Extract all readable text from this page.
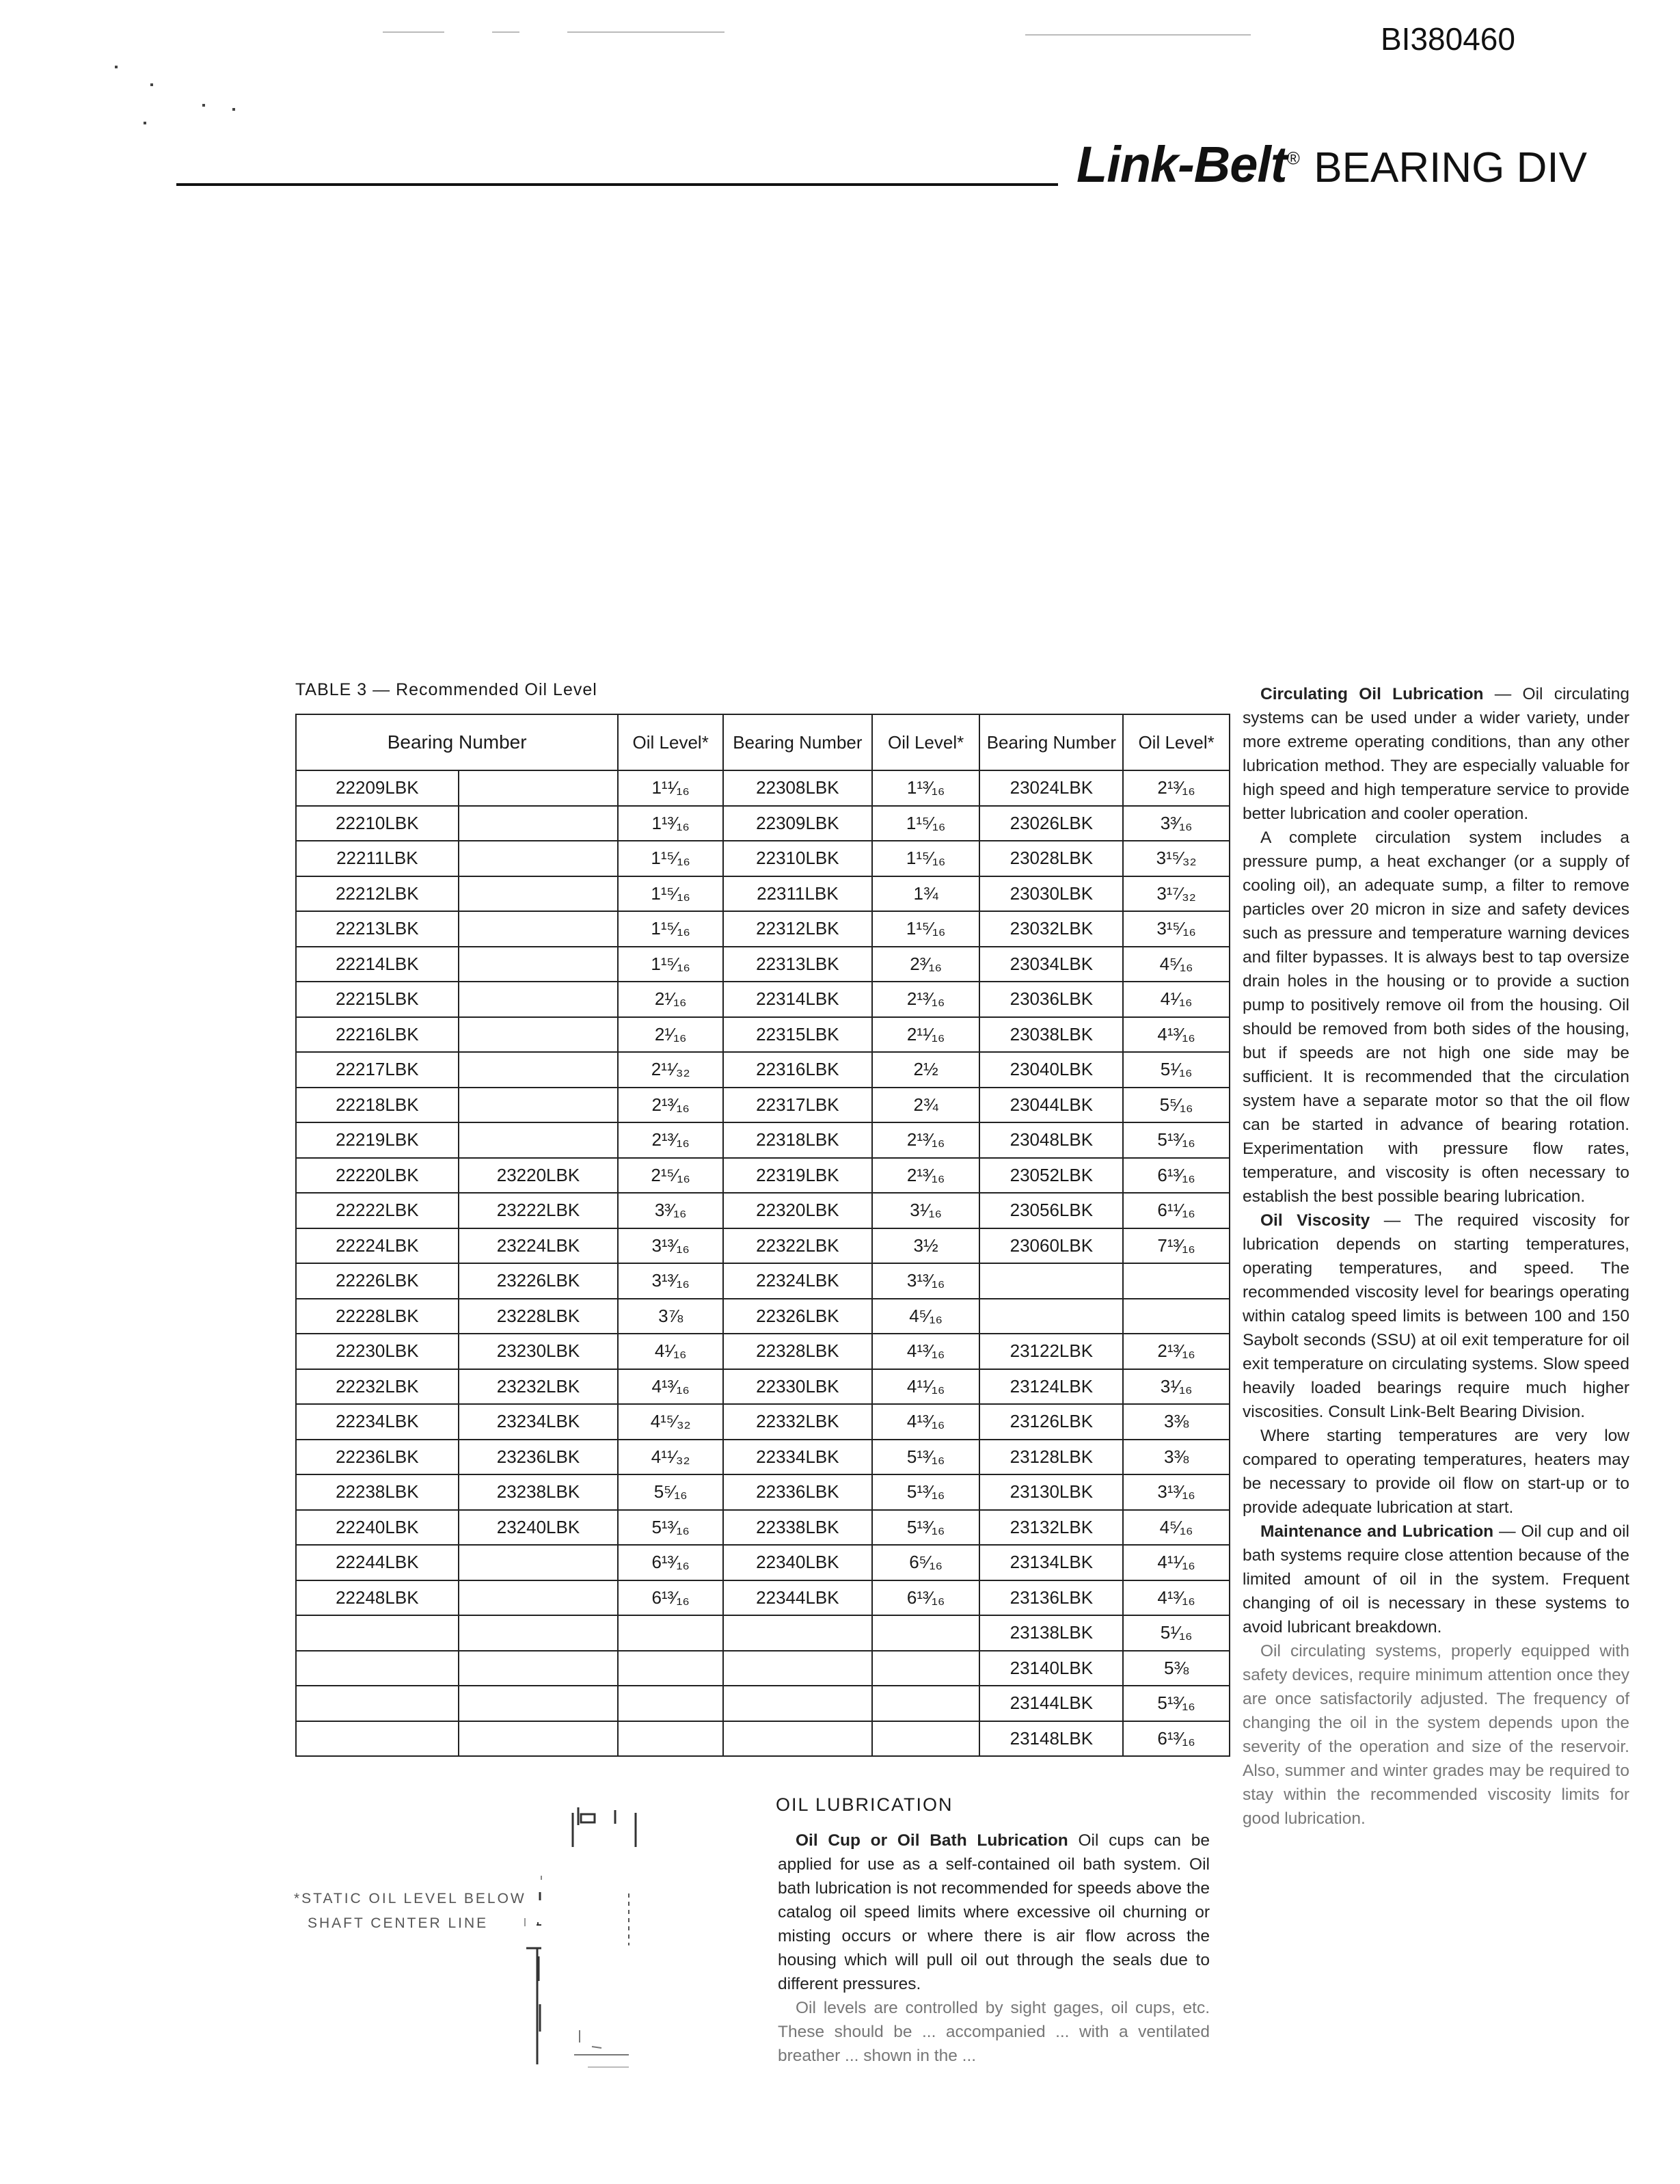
BI380460
Link-Belt® BEARING DIV
TABLE 3 — Recommended Oil Level
Bearing Number		Oil Level*	Bearing Number	Oil Level*	Bearing Number	Oil Level*
22209LBK		1¹¹⁄₁₆	22308LBK	1¹³⁄₁₆	23024LBK	2¹³⁄₁₆
22210LBK		1¹³⁄₁₆	22309LBK	1¹⁵⁄₁₆	23026LBK	3³⁄₁₆
22211LBK		1¹⁵⁄₁₆	22310LBK	1¹⁵⁄₁₆	23028LBK	3¹⁵⁄₃₂
22212LBK		1¹⁵⁄₁₆	22311LBK	1¾	23030LBK	3¹⁷⁄₃₂
22213LBK		1¹⁵⁄₁₆	22312LBK	1¹⁵⁄₁₆	23032LBK	3¹⁵⁄₁₆
22214LBK		1¹⁵⁄₁₆	22313LBK	2³⁄₁₆	23034LBK	4⁵⁄₁₆
22215LBK		2¹⁄₁₆	22314LBK	2¹³⁄₁₆	23036LBK	4¹⁄₁₆
22216LBK		2¹⁄₁₆	22315LBK	2¹¹⁄₁₆	23038LBK	4¹³⁄₁₆
22217LBK		2¹¹⁄₃₂	22316LBK	2½	23040LBK	5¹⁄₁₆
22218LBK		2¹³⁄₁₆	22317LBK	2¾	23044LBK	5⁵⁄₁₆
22219LBK		2¹³⁄₁₆	22318LBK	2¹³⁄₁₆	23048LBK	5¹³⁄₁₆
22220LBK	23220LBK	2¹⁵⁄₁₆	22319LBK	2¹³⁄₁₆	23052LBK	6¹³⁄₁₆
22222LBK	23222LBK	3³⁄₁₆	22320LBK	3¹⁄₁₆	23056LBK	6¹¹⁄₁₆
22224LBK	23224LBK	3¹³⁄₁₆	22322LBK	3½	23060LBK	7¹³⁄₁₆
22226LBK	23226LBK	3¹³⁄₁₆	22324LBK	3¹³⁄₁₆		
22228LBK	23228LBK	3⅞	22326LBK	4⁵⁄₁₆		
22230LBK	23230LBK	4¹⁄₁₆	22328LBK	4¹³⁄₁₆	23122LBK	2¹³⁄₁₆
22232LBK	23232LBK	4¹³⁄₁₆	22330LBK	4¹¹⁄₁₆	23124LBK	3¹⁄₁₆
22234LBK	23234LBK	4¹⁵⁄₃₂	22332LBK	4¹³⁄₁₆	23126LBK	3⅜
22236LBK	23236LBK	4¹¹⁄₃₂	22334LBK	5¹³⁄₁₆	23128LBK	3⅜
22238LBK	23238LBK	5⁵⁄₁₆	22336LBK	5¹³⁄₁₆	23130LBK	3¹³⁄₁₆
22240LBK	23240LBK	5¹³⁄₁₆	22338LBK	5¹³⁄₁₆	23132LBK	4⁵⁄₁₆
22244LBK		6¹³⁄₁₆	22340LBK	6⁵⁄₁₆	23134LBK	4¹¹⁄₁₆
22248LBK		6¹³⁄₁₆	22344LBK	6¹³⁄₁₆	23136LBK	4¹³⁄₁₆
					23138LBK	5¹⁄₁₆
					23140LBK	5⅜
					23144LBK	5¹³⁄₁₆
					23148LBK	6¹³⁄₁₆
*STATIC OIL LEVEL BELOW
SHAFT CENTER LINE
OIL LUBRICATION

Oil Cup or Oil Bath Lubrication Oil cups can be applied for use as a self-contained oil bath system. Oil bath lubrication is not recommended for speeds above the catalog oil speed limits where excessive oil churning or misting occurs or where there is air flow across the housing which will pull oil out through the seals due to different pressures.

Oil levels are controlled by sight gages, oil cups, etc. These should be ... accompanied ... with a ventilated breather ... shown in the ...

Circulating Oil Lubrication — Oil circulating systems can be used under a wider variety, under more extreme operating conditions, than any other lubrication method. They are especially valuable for high speed and high temperature service to provide better lubrication and cooler operation.

A complete circulation system includes a pressure pump, a heat exchanger (or a supply of cooling oil), an adequate sump, a filter to remove particles over 20 micron in size and safety devices such as pressure and temperature warning devices and filter bypasses. It is always best to tap oversize drain holes in the housing or to provide a suction pump to positively remove oil from the housing. Oil should be removed from both sides of the housing, but if speeds are not high one side may be sufficient. It is recommended that the circulation system have a separate motor so that the oil flow can be started in advance of bearing rotation. Experimentation with pressure flow rates, temperature, and viscosity is often necessary to establish the best possible bearing lubrication.

Oil Viscosity — The required viscosity for lubrication depends on starting temperatures, operating temperatures, and speed. The recommended viscosity level for bearings operating within catalog speed limits is between 100 and 150 Saybolt seconds (SSU) at oil exit temperature for oil exit temperature on circulating systems. Slow speed heavily loaded bearings require much higher viscosities. Consult Link-Belt Bearing Division.

Where starting temperatures are very low compared to operating temperatures, heaters may be necessary to provide oil flow on start-up or to provide adequate lubrication at start.

Maintenance and Lubrication — Oil cup and oil bath systems require close attention because of the limited amount of oil in the system. Frequent changing of oil is necessary in these systems to avoid lubricant breakdown.

Oil circulating systems, properly equipped with safety devices, require minimum attention once they are once satisfactorily adjusted. The frequency of changing the oil in the system depends upon the severity of the operation and size of the reservoir. Also, summer and winter grades may be required to stay within the recommended viscosity limits for good lubrication.
